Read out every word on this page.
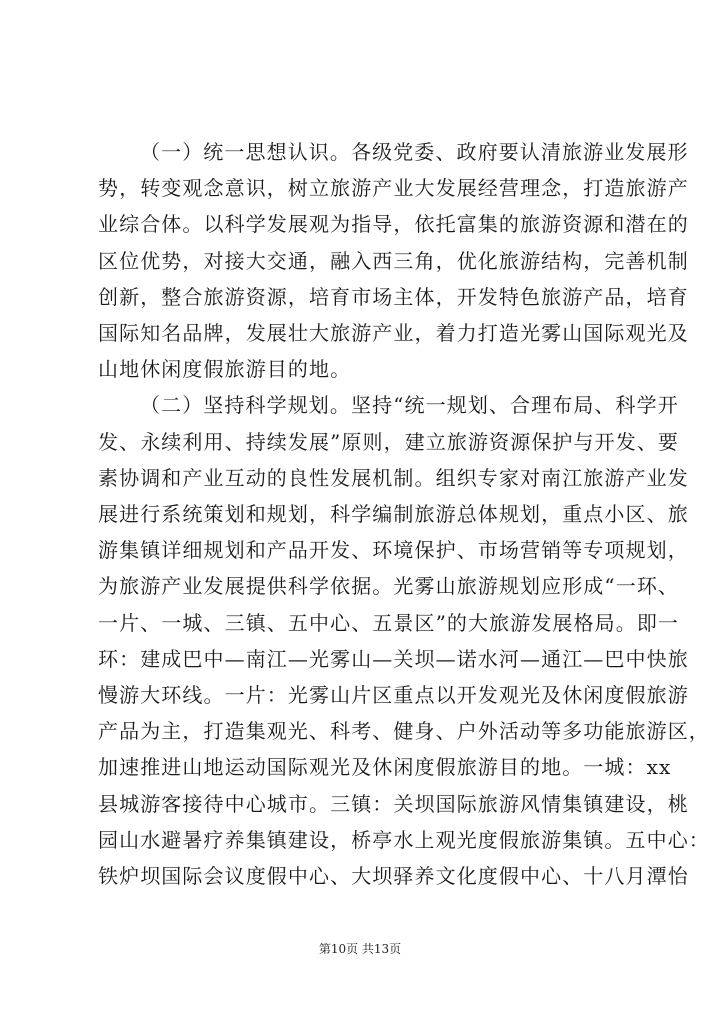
（一）统一思想认识。各级党委、政府要认清旅游业发展形

势，转变观念意识，树立旅游产业大发展经营理念，打造旅游产

业综合体。以科学发展观为指导，依托富集的旅游资源和潜在的

区位优势，对接大交通，融入西三角，优化旅游结构，完善机制

创新，整合旅游资源，培育市场主体，开发特色旅游产品，培育

国际知名品牌，发展壮大旅游产业，着力打造光雾山国际观光及

山地休闲度假旅游目的地。

（二）坚持科学规划。坚持“统一规划、合理布局、科学开

发、永续利用、持续发展”原则，建立旅游资源保护与开发、要

素协调和产业互动的良性发展机制。组织专家对南江旅游产业发

展进行系统策划和规划，科学编制旅游总体规划，重点小区、旅

游集镇详细规划和产品开发、环境保护、市场营销等专项规划，

为旅游产业发展提供科学依据。光雾山旅游规划应形成“一环、

一片、一城、三镇、五中心、五景区”的大旅游发展格局。即一

环：建成巴中—南江—光雾山—关坝—诺水河—通江—巴中快旅

慢游大环线。一片：光雾山片区重点以开发观光及休闲度假旅游

产品为主，打造集观光、科考、健身、户外活动等多功能旅游区，

加速推进山地运动国际观光及休闲度假旅游目的地。一城：xx

县城游客接待中心城市。三镇：关坝国际旅游风情集镇建设，桃

园山水避暑疗养集镇建设，桥亭水上观光度假旅游集镇。五中心：

铁炉坝国际会议度假中心、大坝驿养文化度假中心、十八月潭怡

第10页 共13页
